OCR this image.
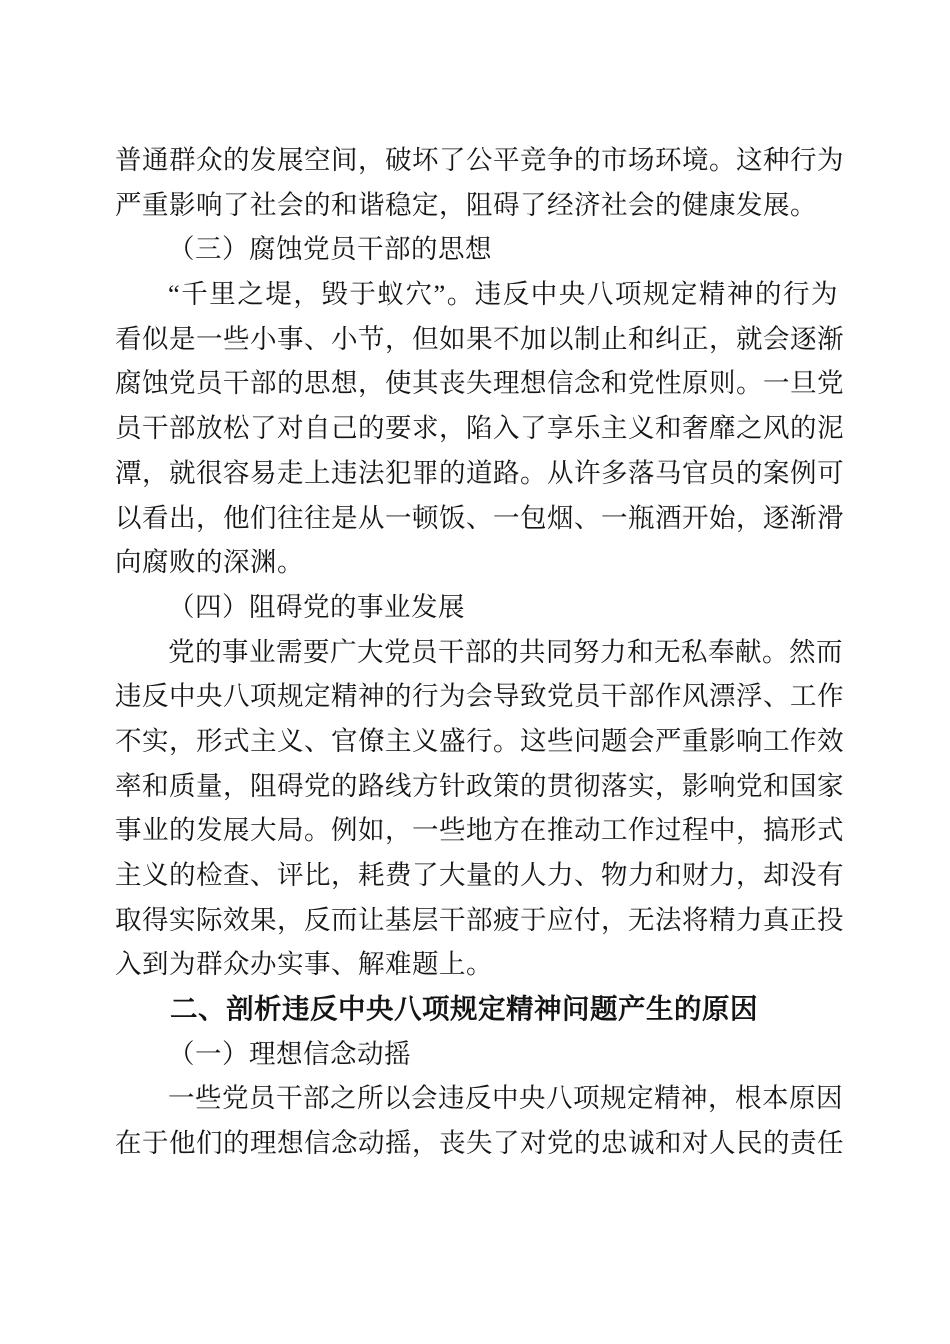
普通群众的发展空间，破坏了公平竞争的市场环境。这种行为
严重影响了社会的和谐稳定，阻碍了经济社会的健康发展。
（三）腐蚀党员干部的思想
“千里之堤，毁于蚁穴”。违反中央八项规定精神的行为
看似是一些小事、小节，但如果不加以制止和纠正，就会逐渐
腐蚀党员干部的思想，使其丧失理想信念和党性原则。一旦党
员干部放松了对自己的要求，陷入了享乐主义和奢靡之风的泥
潭，就很容易走上违法犯罪的道路。从许多落马官员的案例可
以看出，他们往往是从一顿饭、一包烟、一瓶酒开始，逐渐滑
向腐败的深渊。
（四）阻碍党的事业发展
党的事业需要广大党员干部的共同努力和无私奉献。然而
违反中央八项规定精神的行为会导致党员干部作风漂浮、工作
不实，形式主义、官僚主义盛行。这些问题会严重影响工作效
率和质量，阻碍党的路线方针政策的贯彻落实，影响党和国家
事业的发展大局。例如，一些地方在推动工作过程中，搞形式
主义的检查、评比，耗费了大量的人力、物力和财力，却没有
取得实际效果，反而让基层干部疲于应付，无法将精力真正投
入到为群众办实事、解难题上。
二、剖析违反中央八项规定精神问题产生的原因
（一）理想信念动摇
一些党员干部之所以会违反中央八项规定精神，根本原因
在于他们的理想信念动摇，丧失了对党的忠诚和对人民的责任
